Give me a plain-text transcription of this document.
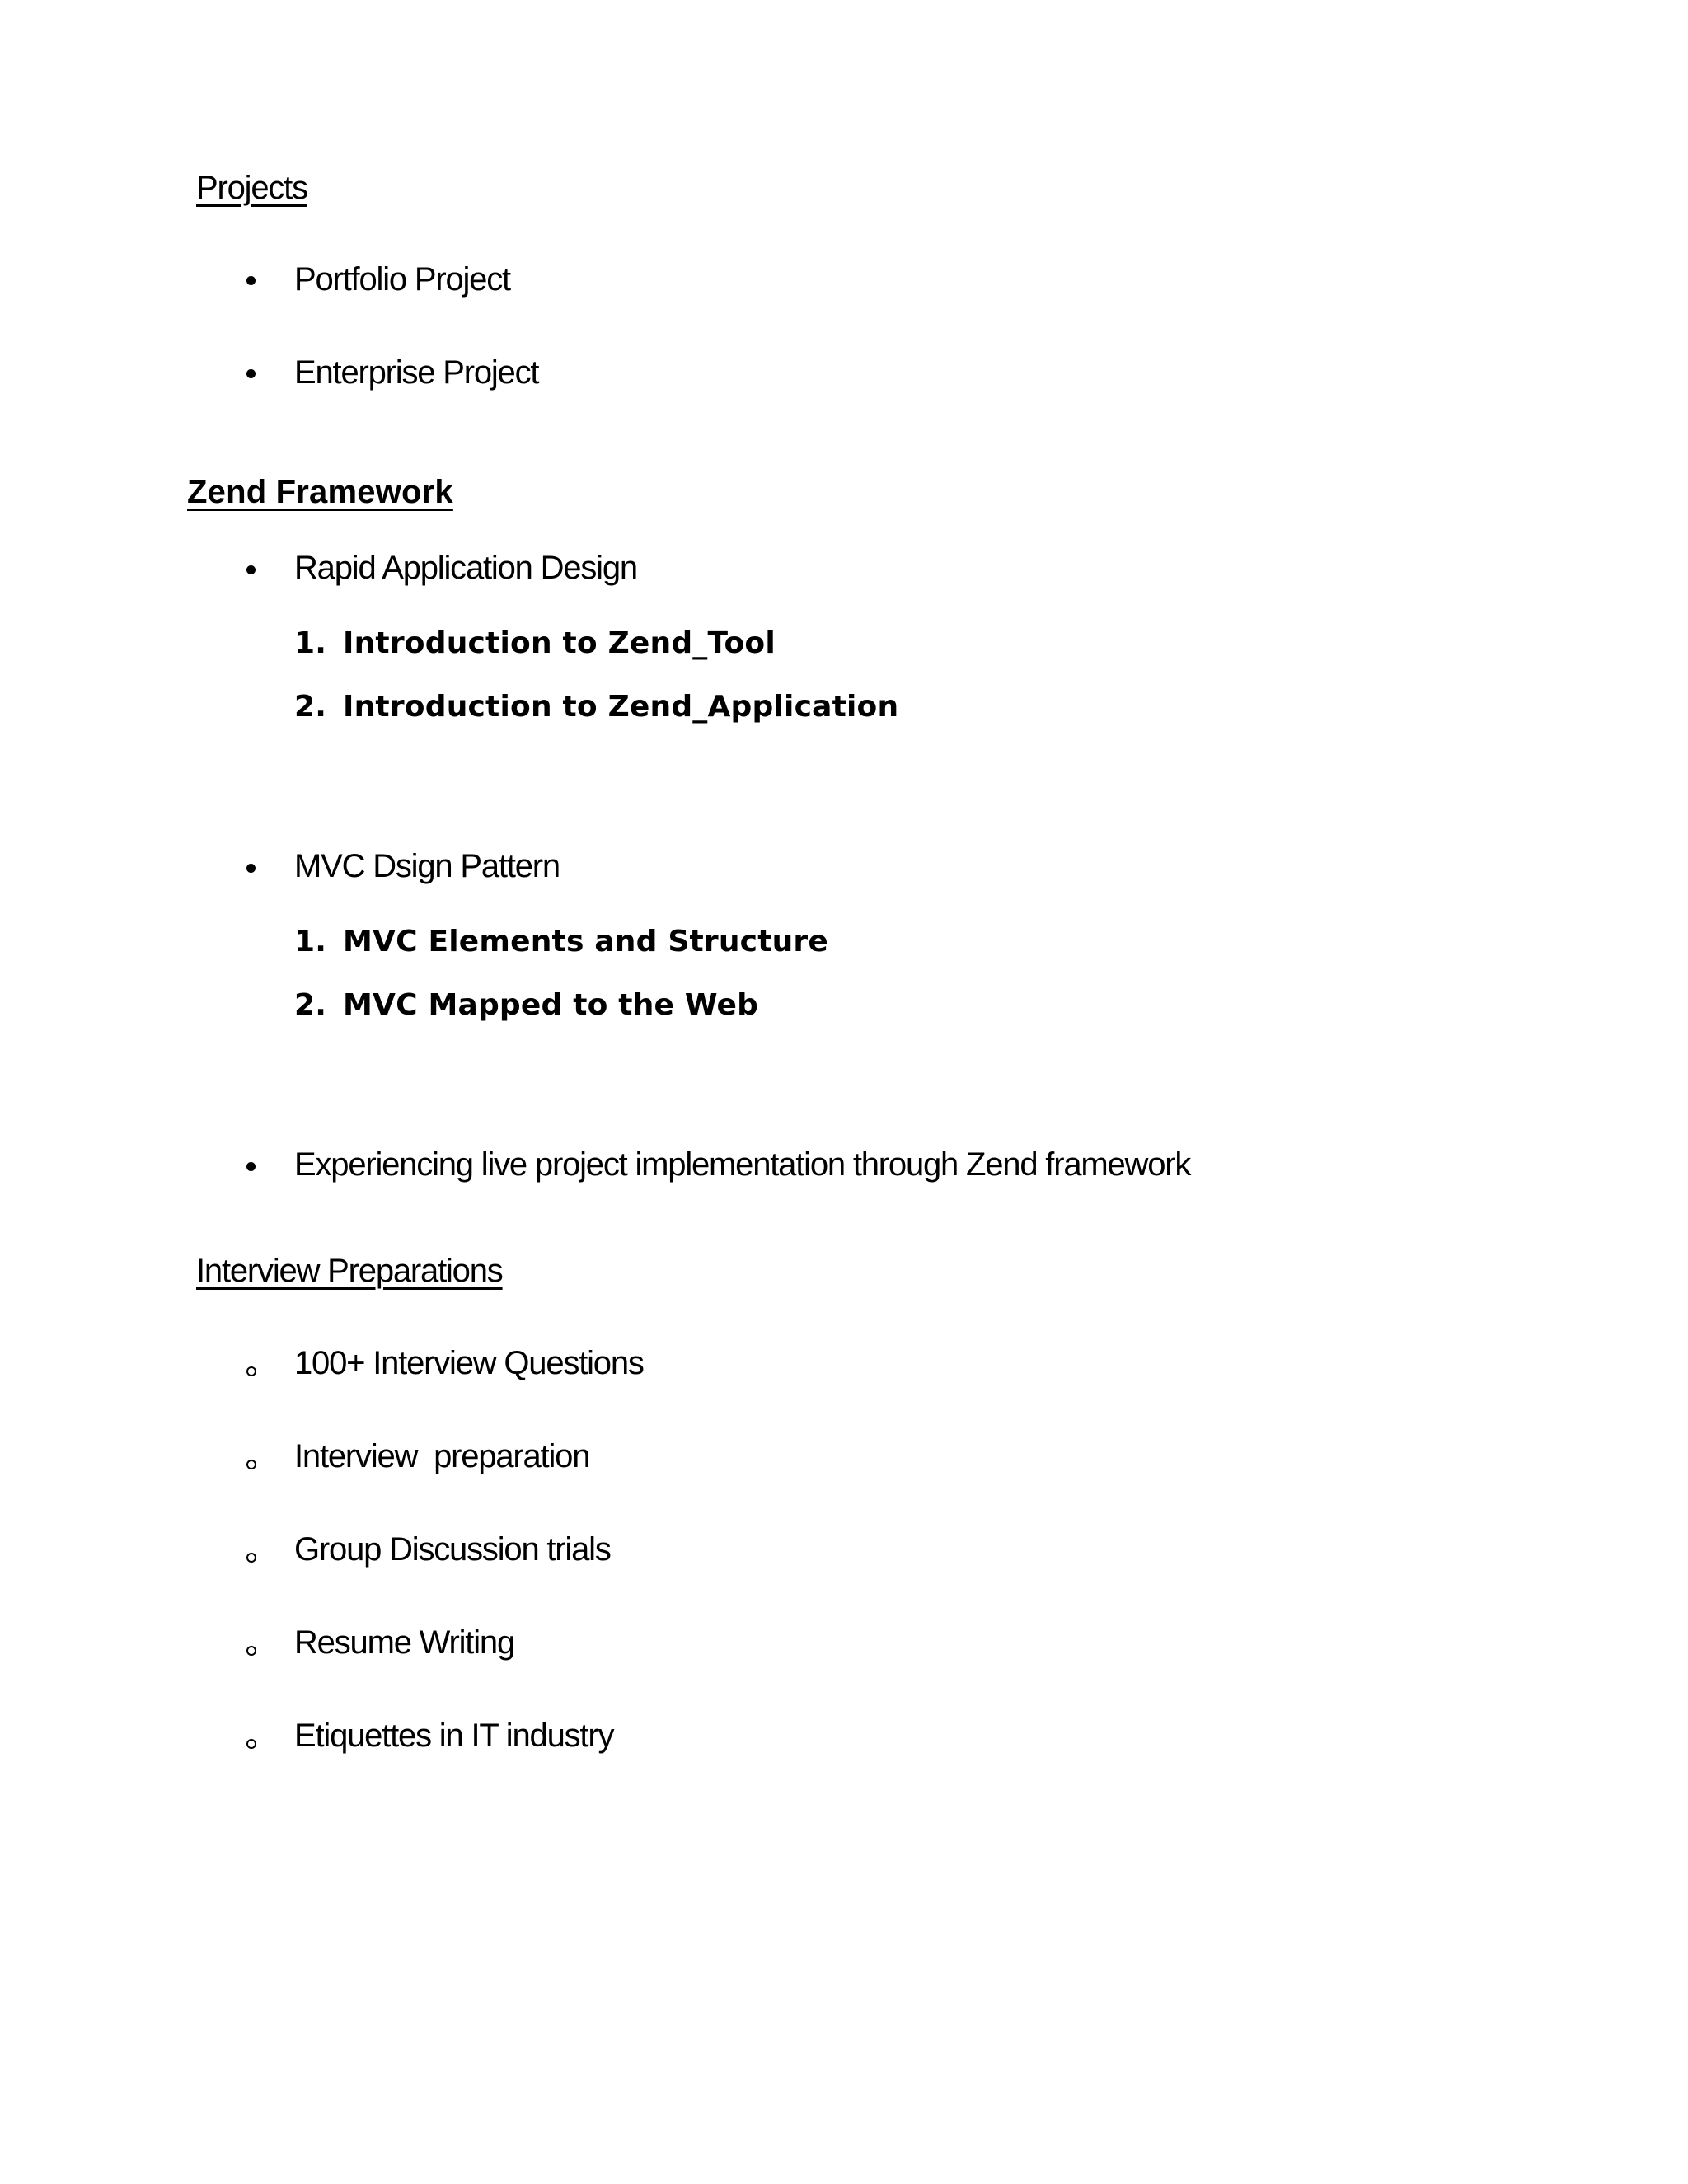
Projects
Portfolio Project
Enterprise Project
Zend Framework
Rapid Application Design
1. Introduction to Zend_Tool
2. Introduction to Zend_Application
MVC Dsign Pattern
1. MVC Elements and Structure
2. MVC Mapped to the Web
Experiencing live project implementation through Zend framework
Interview Preparations
100+ Interview Questions
Interview  preparation
Group Discussion trials
Resume Writing
Etiquettes in IT industry
